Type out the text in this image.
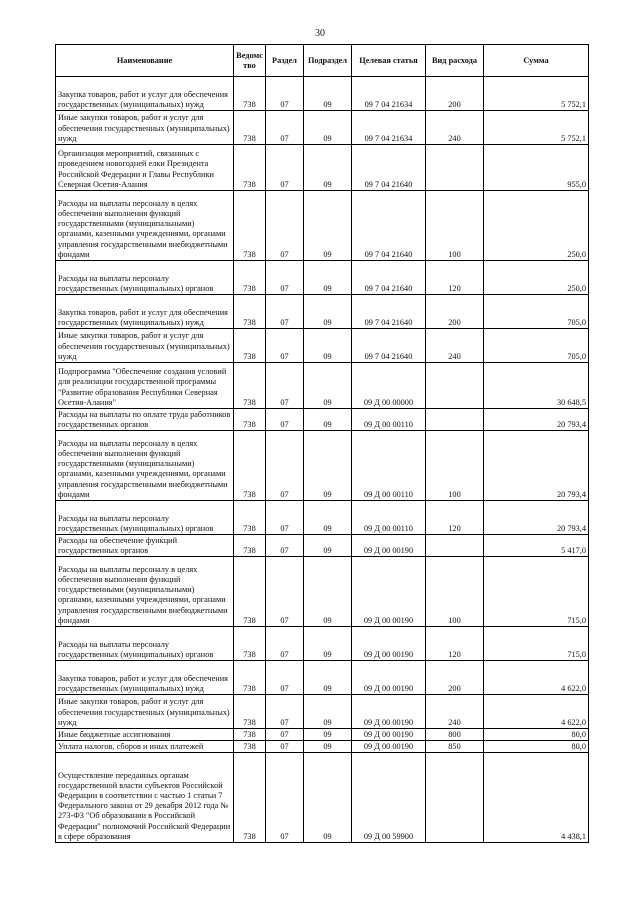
30
Наименование	Ведомс тво	Раздел	Подраздел	Целевая статья	Вид расхода	Сумма
Закупка товаров, работ и услуг для обеспечения государственных (муниципальных) нужд	738	07	09	09 7 04 21634	200	5 752,1
Иные закупки товаров, работ и услуг для обеспечения государственных (муниципальных) нужд	738	07	09	09 7 04 21634	240	5 752,1
Организация мероприятий, связанных с проведением новогодней елки Президента Российской Федерации и Главы Республики Северная Осетия-Алания	738	07	09	09 7 04 21640		955,0
Расходы на выплаты персоналу в целях обеспечения выполнения функций государственными (муниципальными) органами, казенными учреждениями, органами управления государственными внебюджетными фондами	738	07	09	09 7 04 21640	100	250,0
Расходы на выплаты персоналу государственных (муниципальных) органов	738	07	09	09 7 04 21640	120	250,0
Закупка товаров, работ и услуг для обеспечения государственных (муниципальных) нужд	738	07	09	09 7 04 21640	200	705,0
Иные закупки товаров, работ и услуг для обеспечения государственных (муниципальных) нужд	738	07	09	09 7 04 21640	240	705,0
Подпрограмма "Обеспечение создания условий для реализации государственной программы "Развитие образования Республики Северная Осетия-Алания"	738	07	09	09 Д 00 00000		30 648,5
Расходы на выплаты по оплате труда работников государственных органов	738	07	09	09 Д 00 00110		20 793,4
Расходы на выплаты персоналу в целях обеспечения выполнения функций государственными (муниципальными) органами, казенными учреждениями, органами управления государственными внебюджетными фондами	738	07	09	09 Д 00 00110	100	20 793,4
Расходы на выплаты персоналу государственных (муниципальных) органов	738	07	09	09 Д 00 00110	120	20 793,4
Расходы на обеспечение функций государственных органов	738	07	09	09 Д 00 00190		5 417,0
Расходы на выплаты персоналу в целях обеспечения выполнения функций государственными (муниципальными) органами, казенными учреждениями, органами управления государственными внебюджетными фондами	738	07	09	09 Д 00 00190	100	715,0
Расходы на выплаты персоналу государственных (муниципальных) органов	738	07	09	09 Д 00 00190	120	715,0
Закупка товаров, работ и услуг для обеспечения государственных (муниципальных) нужд	738	07	09	09 Д 00 00190	200	4 622,0
Иные закупки товаров, работ и услуг для обеспечения государственных (муниципальных) нужд	738	07	09	09 Д 00 00190	240	4 622,0
Иные бюджетные ассигнования	738	07	09	09 Д 00 00190	800	80,0
Уплата налогов, сборов и иных платежей	738	07	09	09 Д 00 00190	850	80,0
Осуществление переданных органам государственной власти субъектов Российской Федерации в соответствии с частью 1 статьи 7 Федерального закона от 29 декабря 2012 года № 273-ФЗ "Об образовании в Российской Федерации" полномочий Российской Федерации в сфере образования	738	07	09	09 Д 00 59900		4 438,1
